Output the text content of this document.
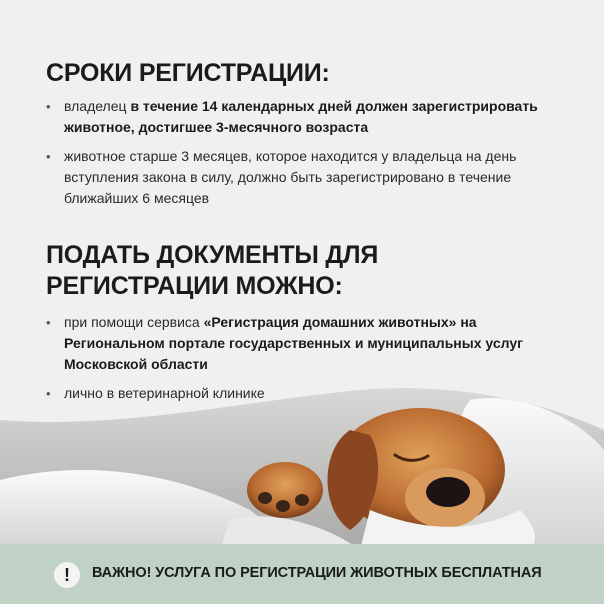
СРОКИ РЕГИСТРАЦИИ:
• владелец в течение 14 календарных дней должен зарегистрировать животное, достигшее 3-месячного возраста
• животное старше 3 месяцев, которое находится у владельца на день вступления закона в силу, должно быть зарегистрировано в течение ближайших 6 месяцев
ПОДАТЬ ДОКУМЕНТЫ ДЛЯ РЕГИСТРАЦИИ МОЖНО:
• при помощи сервиса «Регистрация домашних животных» на Региональном портале государственных и муниципальных услуг Московской области
• лично в ветеринарной клинике
!	ВАЖНО! УСЛУГА ПО РЕГИСТРАЦИИ ЖИВОТНЫХ БЕСПЛАТНАЯ
